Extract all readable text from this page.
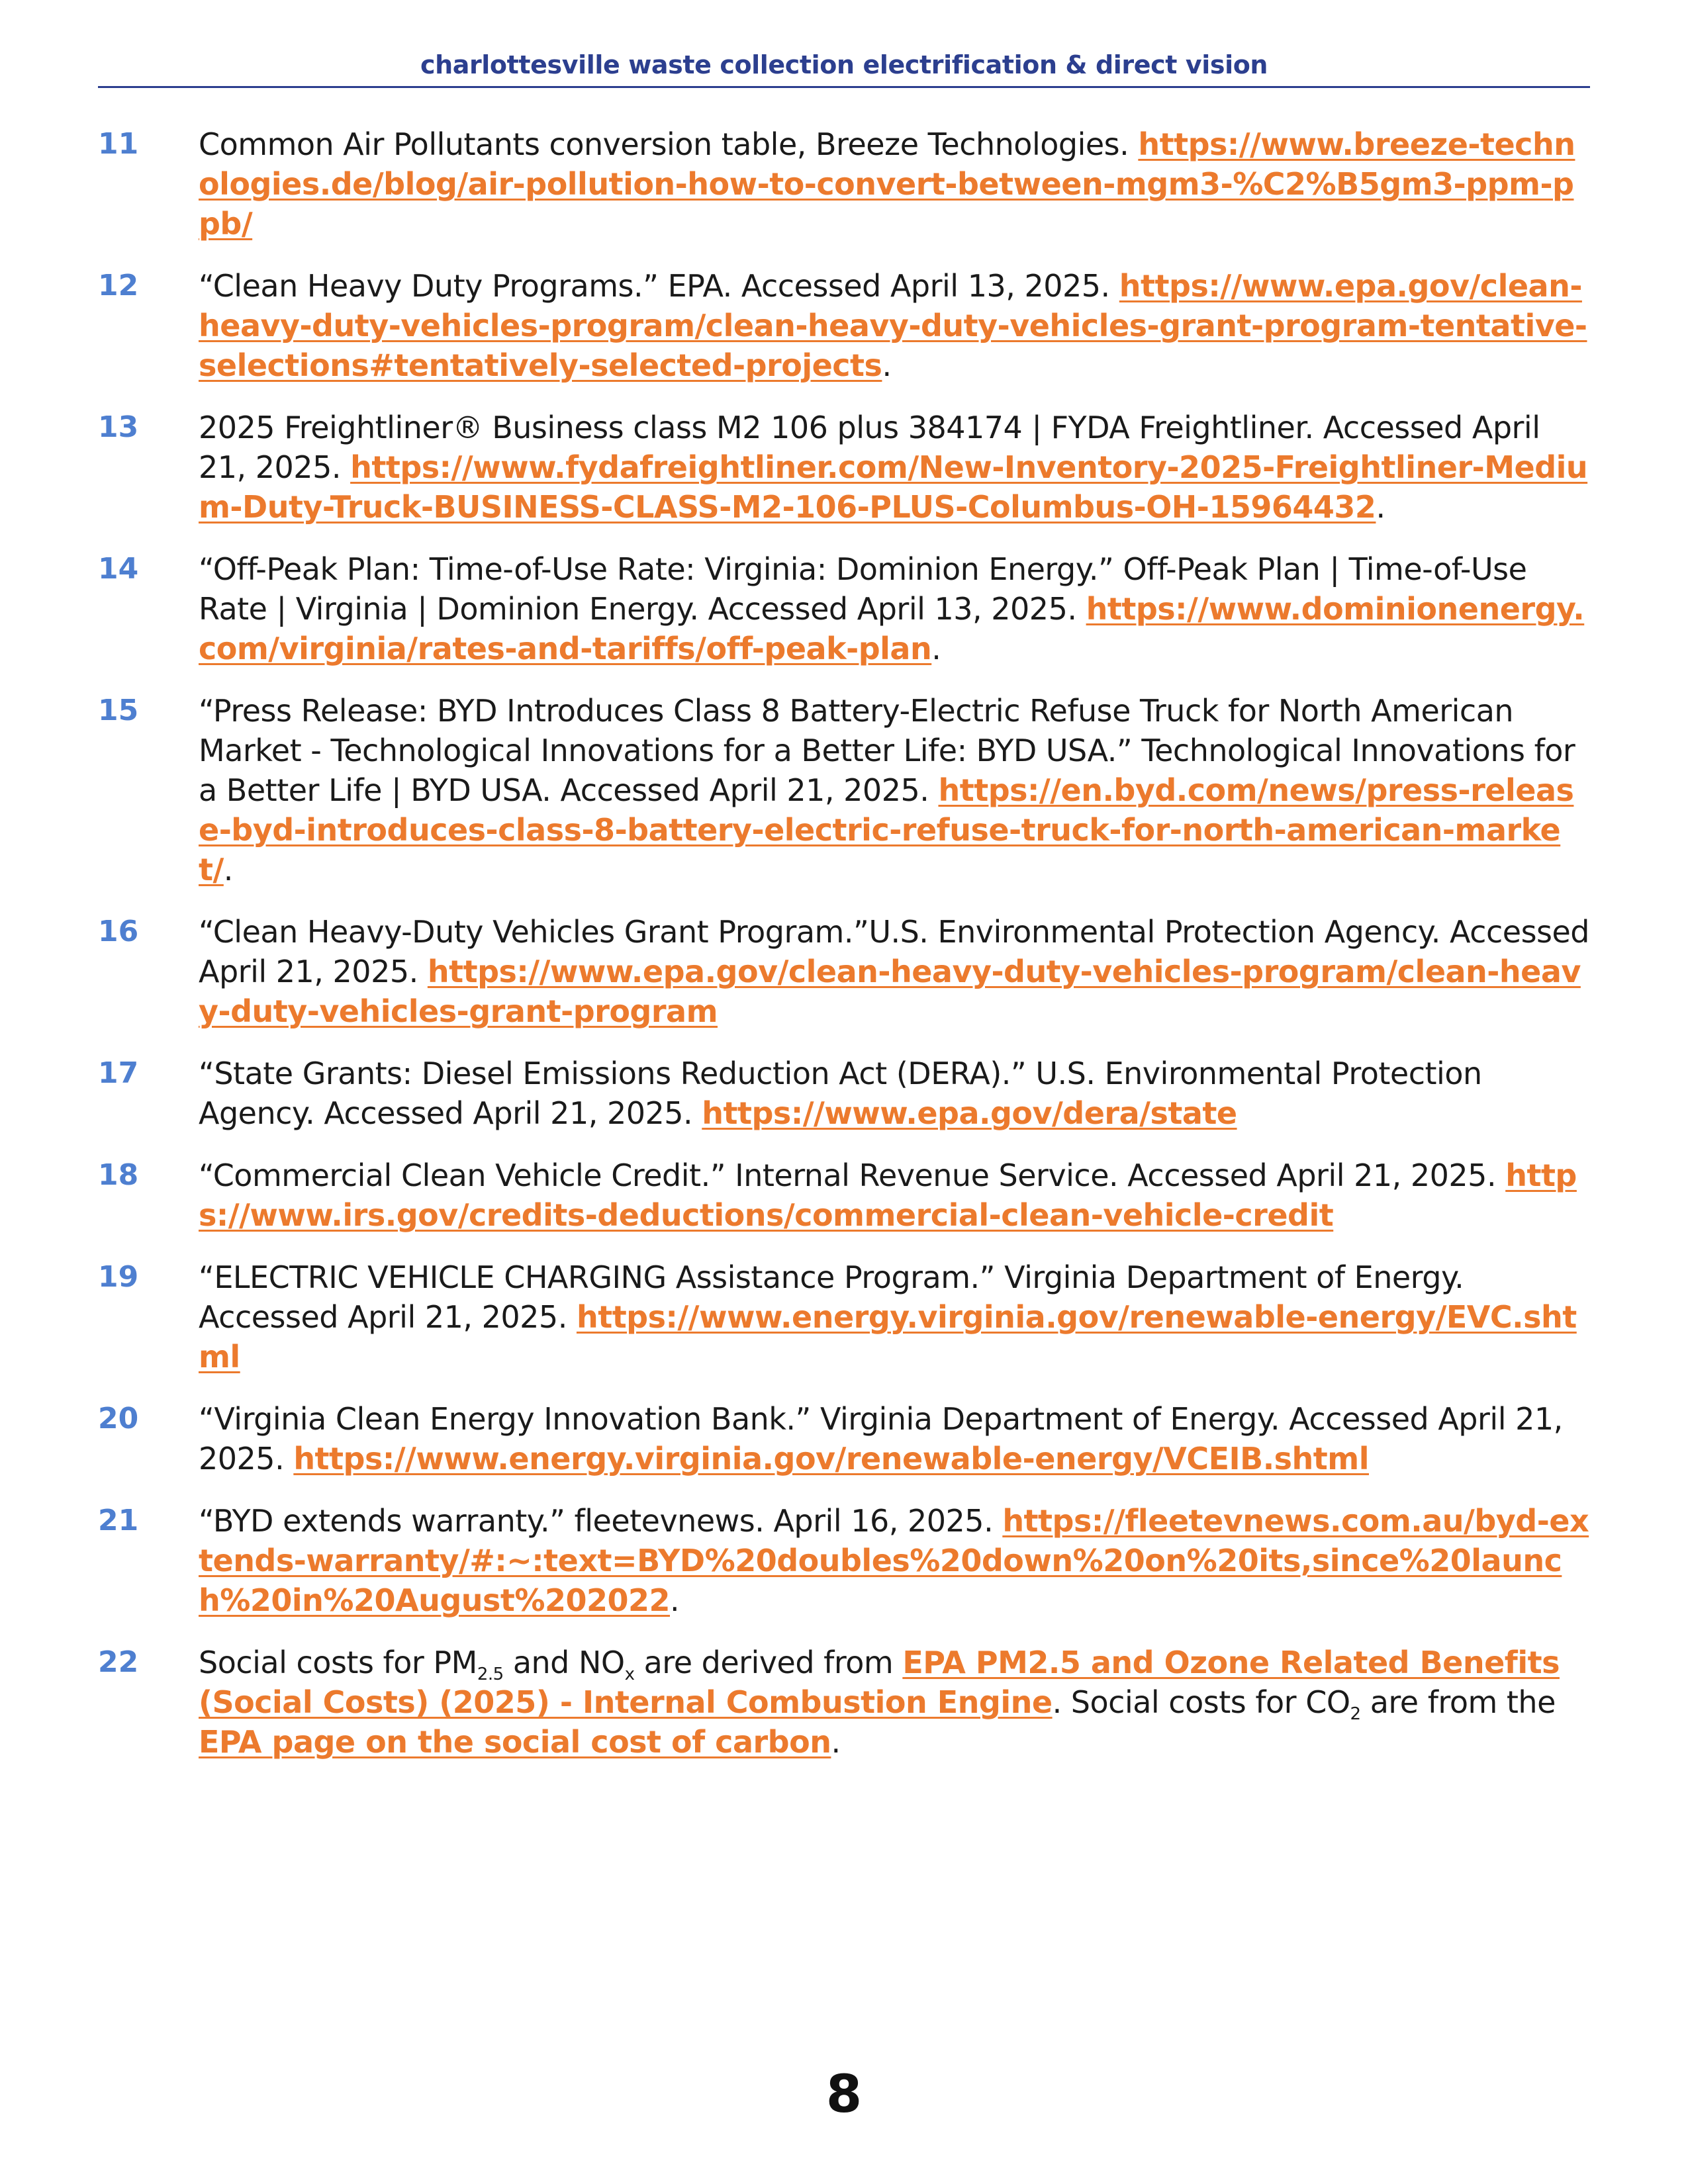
charlottesville waste collection electrification & direct vision
11	Common Air Pollutants conversion table, Breeze Technologies. https://www.breeze-technologies.de/blog/air-pollution-how-to-convert-between-mgm3-%C2%B5gm3-ppm-ppb/
12	“Clean Heavy Duty Programs.” EPA. Accessed April 13, 2025. https://www.epa.gov/clean-heavy-duty-vehicles-program/clean-heavy-duty-vehicles-grant-program-tentative-selections#tentatively-selected-projects.
13	2025 Freightliner® Business class M2 106 plus 384174 | FYDA Freightliner. Accessed April 21, 2025. https://www.fydafreightliner.com/New-Inventory-2025-Freightliner-Medium-Duty-Truck-BUSINESS-CLASS-M2-106-PLUS-Columbus-OH-15964432.
14	“Off-Peak Plan: Time-of-Use Rate: Virginia: Dominion Energy.” Off-Peak Plan | Time-of-Use Rate | Virginia | Dominion Energy. Accessed April 13, 2025. https://www.dominionenergy.com/virginia/rates-and-tariffs/off-peak-plan.
15	“Press Release: BYD Introduces Class 8 Battery-Electric Refuse Truck for North American Market - Technological Innovations for a Better Life: BYD USA.” Technological Innovations for a Better Life | BYD USA. Accessed April 21, 2025. https://en.byd.com/news/press-release-byd-introduces-class-8-battery-electric-refuse-truck-for-north-american-market/.
16	“Clean Heavy-Duty Vehicles Grant Program.”U.S. Environmental Protection Agency. Accessed April 21, 2025. https://www.epa.gov/clean-heavy-duty-vehicles-program/clean-heavy-duty-vehicles-grant-program
17	“State Grants: Diesel Emissions Reduction Act (DERA).” U.S. Environmental Protection Agency. Accessed April 21, 2025. https://www.epa.gov/dera/state
18	“Commercial Clean Vehicle Credit.” Internal Revenue Service. Accessed April 21, 2025. https://www.irs.gov/credits-deductions/commercial-clean-vehicle-credit
19	“ELECTRIC VEHICLE CHARGING Assistance Program.” Virginia Department of Energy. Accessed April 21, 2025. https://www.energy.virginia.gov/renewable-energy/EVC.shtml
20	“Virginia Clean Energy Innovation Bank.” Virginia Department of Energy. Accessed April 21, 2025. https://www.energy.virginia.gov/renewable-energy/VCEIB.shtml
21	“BYD extends warranty.” fleetevnews. April 16, 2025. https://fleetevnews.com.au/byd-extends-warranty/#:~:text=BYD%20doubles%20down%20on%20its,since%20launch%20in%20August%202022.
22	Social costs for $PM_{2.5}$ and $NO_x$ are derived from EPA PM2.5 and Ozone Related Benefits (Social Costs) (2025) - Internal Combustion Engine. Social costs for $CO_2$ are from the EPA page on the social cost of carbon.
8
